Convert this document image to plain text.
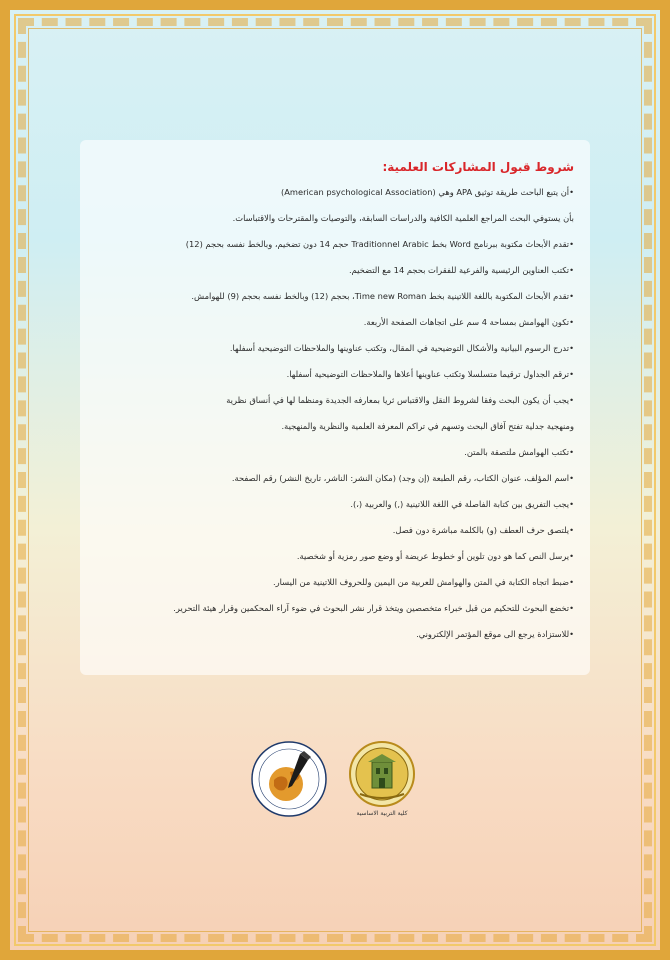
شروط قبول المشاركات العلمية:
•أن يتبع الباحث طريقة توثيق APA وهي (American psychological Association)
بأن يستوفي البحث المراجع العلمية الكافية والدراسات السابقة، والتوصيات والمقترحات والاقتباسات.
•تقدم الأبحاث مكتوبة ببرنامج Word بخط Traditionnel Arabic حجم 14 دون تضخيم، وبالخط نفسه بحجم (12)
•تكتب العناوين الرئيسية والفرعية للفقرات بحجم 14 مع التضخيم.
•تقدم الأبحاث المكتوبة باللغة اللاتينية بخط Time new Roman، بحجم (12) وبالخط نفسه بحجم (9) للهوامش.
•تكون الهوامش بمساحة 4 سم على اتجاهات الصفحة الأربعة.
•تدرج الرسوم البيانية والأشكال التوضيحية في المقال، وتكتب عناوينها والملاحظات التوضيحية أسفلها.
•ترقم الجداول ترقيما متسلسلا وتكتب عناوينها أعلاها والملاحظات التوضيحية أسفلها.
•يجب أن يكون البحث وفقا لشروط النقل والاقتباس ثريا بمعارفه الجديدة ومنظما لها في أنساق نظرية
ومنهجية جدلية تفتح آفاق البحث وتسهم في تراكم المعرفة العلمية والنظرية والمنهجية.
•تكتب الهوامش ملتصقة بالمتن.
•اسم المؤلف، عنوان الكتاب، رقم الطبعة (إن وجد) (مكان النشر: الناشر، تاريخ النشر) رقم الصفحة.
•يجب التفريق بين كتابة الفاصلة في اللغة اللاتينية (,) والعربية (،).
•يلتصق حرف العطف (و) بالكلمة مباشرة دون فصل.
•يرسل النص كما هو دون تلوين أو خطوط عريضة أو وضع صور رمزية أو شخصية.
•ضبط اتجاه الكتابة في المتن والهوامش للعربية من اليمين وللحروف اللاتينية من اليسار.
•تخضع البحوث للتحكيم من قبل خبراء متخصصين ويتخذ قرار نشر البحوث في ضوء آراء المحكمين وقرار هيئة التحرير.
•للاستزادة يرجع الى موقع المؤتمر الإلكتروني.
كلية التربية الاساسية
